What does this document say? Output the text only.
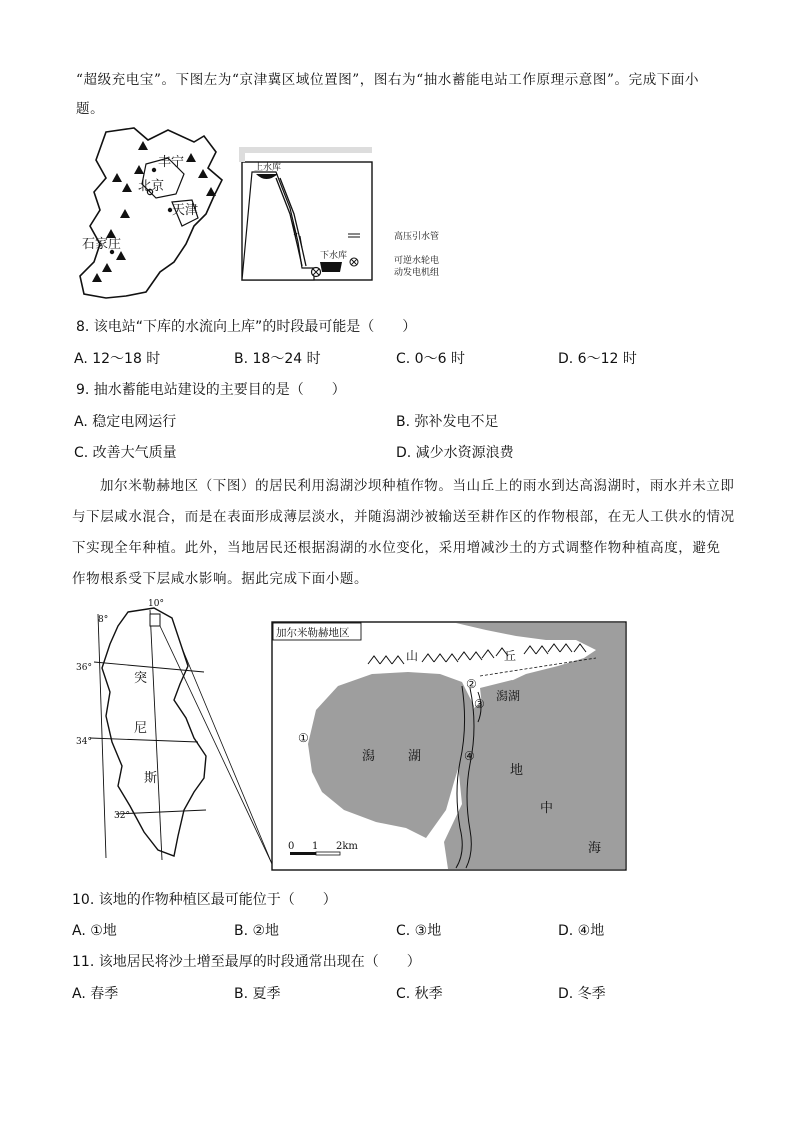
“超级充电宝”。下图左为“京津冀区域位置图”，图右为“抽水蓄能电站工作原理示意图”。完成下面小
题。
丰宁
北京
天津
石家庄
上水库
下水库
高压引水管
可逆水轮电
动发电机组
8. 该电站“下库的水流向上库”的时段最可能是（　　）
A. 12～18 时	B. 18～24 时	C. 0～6 时	D. 6～12 时
9. 抽水蓄能电站建设的主要目的是（　　）
A. 稳定电网运行	B. 弥补发电不足
C. 改善大气质量	D. 减少水资源浪费
加尔米勒赫地区（下图）的居民利用潟湖沙坝种植作物。当山丘上的雨水到达高潟湖时，雨水并未立即
与下层咸水混合，而是在表面形成薄层淡水，并随潟湖沙被输送至耕作区的作物根部，在无人工供水的情况
下实现全年种植。此外，当地居民还根据潟湖的水位变化，采用增减沙土的方式调整作物种植高度，避免
作物根系受下层咸水影响。据此完成下面小题。
8°
10°
36°
34°
32°
突
尼
斯
加尔米勒赫地区
山	丘
①
②
③
④
潟湖
潟	湖
地
中
海
0 1 2km
10. 该地的作物种植区最可能位于（　　）
A. ①地	B. ②地	C. ③地	D. ④地
11. 该地居民将沙土增至最厚的时段通常出现在（　　）
A. 春季	B. 夏季	C. 秋季	D. 冬季
